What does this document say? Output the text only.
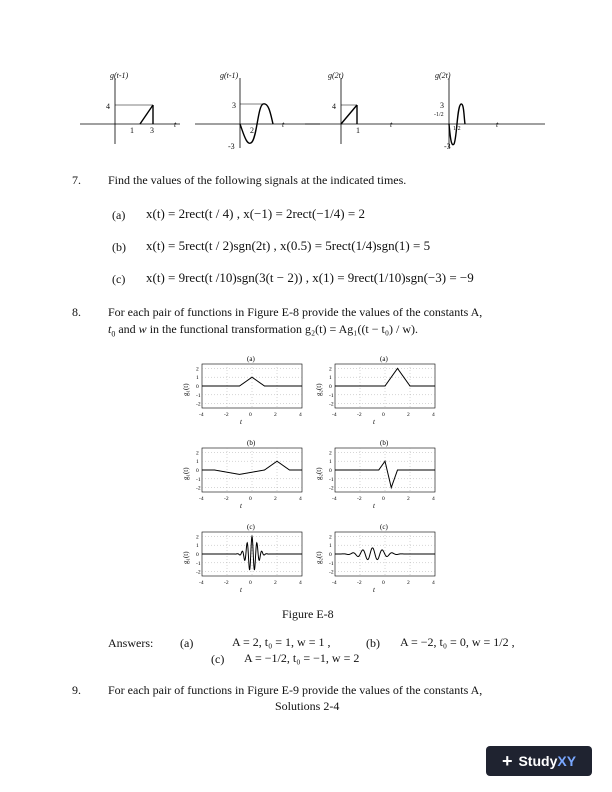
g(t-1)
4
1 3
t
g(t-1)
3
-3
2
t
g(2t)
4
1
t
g(2t)
3
-1/2
-3
1/2	t
7. Find the values of the following signals at the indicated times.
(a) x(t) = 2rect(t / 4) , x(−1) = 2rect(−1/4) = 2
(b) x(t) = 5rect(t / 2)sgn(2t) , x(0.5) = 5rect(1/4)sgn(1) = 5
(c) x(t) = 9rect(t /10)sgn(3(t − 2)) , x(1) = 9rect(1/10)sgn(−3) = −9
8. For each pair of functions in Figure E-8 provide the values of the constants A,
$t_0$ and w in the functional transformation g₂(t) = Ag₁((t − t₀) / w).
(a)
2
1
0
-1
-2
-4	-2	0	2	4
t
g₁(t)
(a)
2
1
0
-1
-2
-4	-2	0	2	4
t
g₂(t)
(b)
2
1
0
-1
-2
-4	-2	0	2	4
t
g₁(t)
(b)
2
1
0
-1
-2
-4	-2	0	2	4
t
g₂(t)
(c)
2
1
0
-1
-2
-4	-2	0	2	4
t
g₁(t)
(c)
2
1
0
-1
-2
-4	-2	0	2	4
t
g₂(t)
Figure E-8
Answers: (a)	A = 2, t₀ = 1, w = 1 ,	(b) A = −2, t₀ = 0, w = 1/2 ,
(c) A = −1/2, t₀ = −1, w = 2
9. For each pair of functions in Figure E-9 provide the values of the constants A,
Solutions 2-4
+ Study XY
